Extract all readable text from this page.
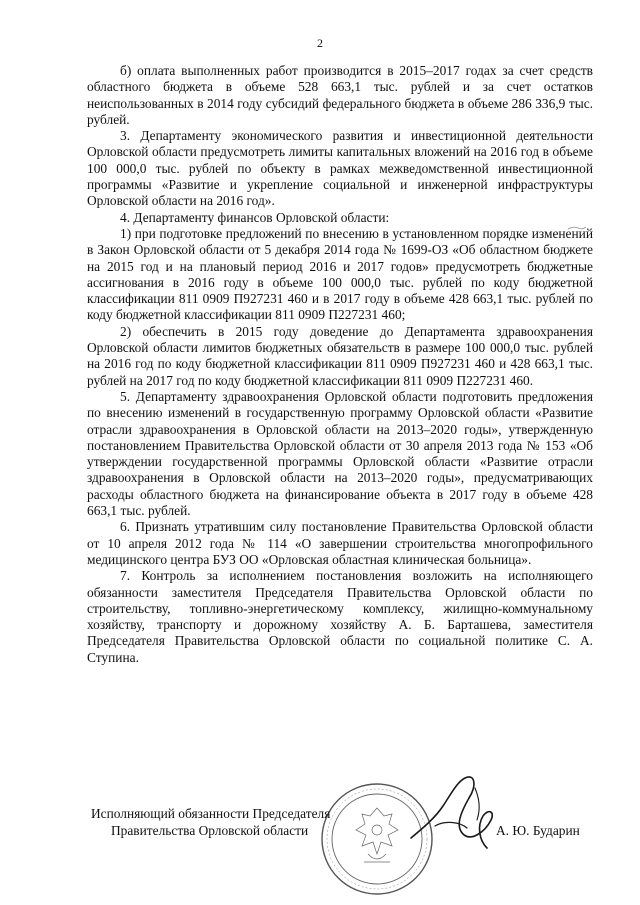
2

б) оплата выполненных работ производится в 2015–2017 годах за счет средств областного бюджета в объеме 528 663,1 тыс. рублей и за счет остатков неиспользованных в 2014 году субсидий федерального бюджета в объеме 286 336,9 тыс. рублей.

3. Департаменту экономического развития и инвестиционной деятельности Орловской области предусмотреть лимиты капитальных вложений на 2016 год в объеме 100 000,0 тыс. рублей по объекту в рамках межведомственной инвестиционной программы «Развитие и укрепление социальной и инженерной инфраструктуры Орловской области на 2016 год».

4. Департаменту финансов Орловской области:

1) при подготовке предложений по внесению в установленном порядке изменений в Закон Орловской области от 5 декабря 2014 года № 1699-ОЗ «Об областном бюджете на 2015 год и на плановый период 2016 и 2017 годов» предусмотреть бюджетные ассигнования в 2016 году в объеме 100 000,0 тыс. рублей по коду бюджетной классификации 811 0909 П927231 460 и в 2017 году в объеме 428 663,1 тыс. рублей по коду бюджетной классификации 811 0909 П227231 460;

2) обеспечить в 2015 году доведение до Департамента здравоохранения Орловской области лимитов бюджетных обязательств в размере 100 000,0 тыс. рублей на 2016 год по коду бюджетной классификации 811 0909 П927231 460 и 428 663,1 тыс. рублей на 2017 год по коду бюджетной классификации 811 0909 П227231 460.

5. Департаменту здравоохранения Орловской области подготовить предложения по внесению изменений в государственную программу Орловской области «Развитие отрасли здравоохранения в Орловской области на 2013–2020 годы», утвержденную постановлением Правительства Орловской области от 30 апреля 2013 года № 153 «Об утверждении государственной программы Орловской области «Развитие отрасли здравоохранения в Орловской области на 2013–2020 годы», предусматривающих расходы областного бюджета на финансирование объекта в 2017 году в объеме 428 663,1 тыс. рублей.

6. Признать утратившим силу постановление Правительства Орловской области от 10 апреля 2012 года № 114 «О завершении строительства многопрофильного медицинского центра БУЗ ОО «Орловская областная клиническая больница».

7. Контроль за исполнением постановления возложить на исполняющего обязанности заместителя Председателя Правительства Орловской области по строительству, топливно-энергетическому комплексу, жилищно-коммунальному хозяйству, транспорту и дорожному хозяйству А. Б. Барташева, заместителя Председателя Правительства Орловской области по социальной политике С. А. Ступина.

Исполняющий обязанности Председателя
Правительства Орловской области	А. Ю. Бударин
